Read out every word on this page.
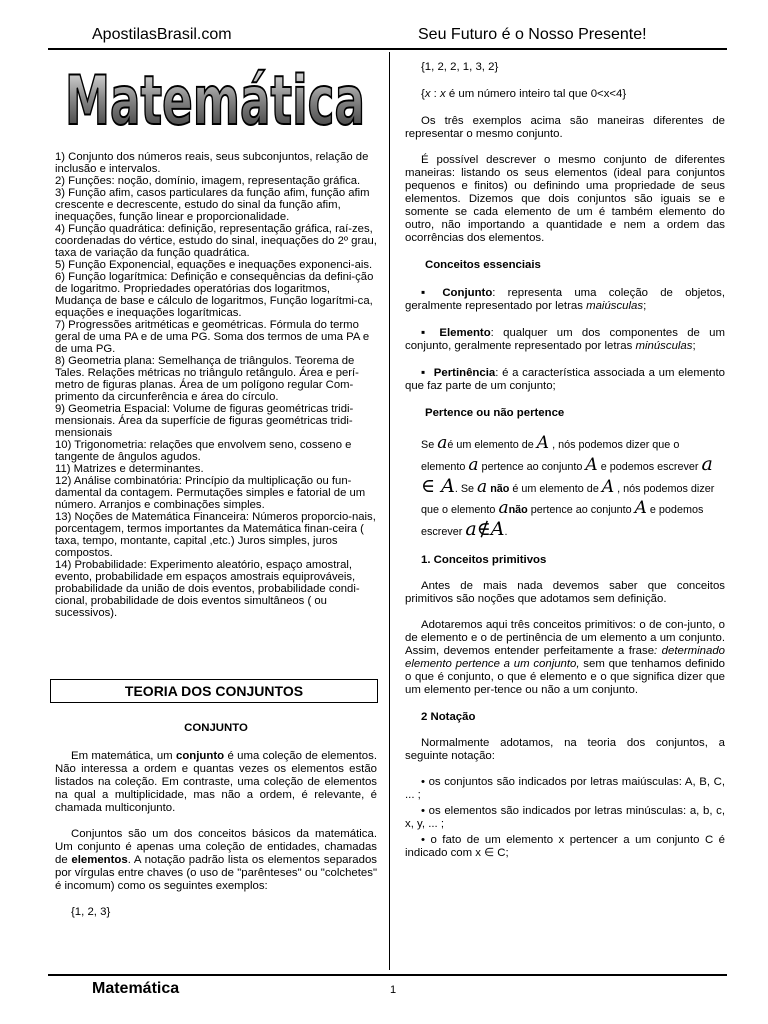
ApostilasBrasil.com	Seu Futuro é o Nosso Presente!
Matemática

1) Conjunto dos números reais, seus subconjuntos, relação de inclusão e intervalos.

2) Funções: noção, domínio, imagem, representação gráfica.

3) Função afim, casos particulares da função afim, função afim crescente e decrescente, estudo do sinal da função afim, inequações, função linear e proporcionalidade.

4) Função quadrática: definição, representação gráfica, raí-zes, coordenadas do vértice, estudo do sinal, inequações do 2º grau, taxa de variação da função quadrática.

5) Função Exponencial, equações e inequações exponenci-ais.

6) Função logarítmica: Definição e consequências da defini-ção de logaritmo. Propriedades operatórias dos logaritmos, Mudança de base e cálculo de logaritmos, Função logarítmi-ca, equações e inequações logarítmicas.

7) Progressões aritméticas e geométricas. Fórmula do termo geral de uma PA e de uma PG. Soma dos termos de uma PA e de uma PG.

8) Geometria plana: Semelhança de triângulos. Teorema de Tales. Relações métricas no triângulo retângulo. Área e perí-metro de figuras planas. Área de um polígono regular Com-primento da circunferência e área do círculo.

9) Geometria Espacial: Volume de figuras geométricas tridi-mensionais. Área da superfície de figuras geométricas tridi-mensionais

10) Trigonometria: relações que envolvem seno, cosseno e tangente de ângulos agudos.

11) Matrizes e determinantes.

12) Análise combinatória: Princípio da multiplicação ou fun-damental da contagem. Permutações simples e fatorial de um número. Arranjos e combinações simples.

13) Noções de Matemática Financeira: Números proporcio-nais, porcentagem, termos importantes da Matemática finan-ceira ( taxa, tempo, montante, capital ,etc.) Juros simples, juros compostos.

14) Probabilidade: Experimento aleatório, espaço amostral, evento, probabilidade em espaços amostrais equiprováveis, probabilidade da união de dois eventos, probabilidade condi-cional, probabilidade de dois eventos simultâneos ( ou sucessivos).

TEORIA DOS CONJUNTOS

CONJUNTO

Em matemática, um conjunto é uma coleção de elementos. Não interessa a ordem e quantas vezes os elementos estão listados na coleção. Em contraste, uma coleção de elementos na qual a multiplicidade, mas não a ordem, é relevante, é chamada multiconjunto.

Conjuntos são um dos conceitos básicos da matemática. Um conjunto é apenas uma coleção de entidades, chamadas de elementos. A notação padrão lista os elementos separados por vírgulas entre chaves (o uso de "parênteses" ou "colchetes" é incomum) como os seguintes exemplos:

{1, 2, 3}

{1, 2, 2, 1, 3, 2}

{x : x é um número inteiro tal que 0<x<4}

Os três exemplos acima são maneiras diferentes de representar o mesmo conjunto.

É possível descrever o mesmo conjunto de diferentes maneiras: listando os seus elementos (ideal para conjuntos pequenos e finitos) ou definindo uma propriedade de seus elementos. Dizemos que dois conjuntos são iguais se e somente se cada elemento de um é também elemento do outro, não importando a quantidade e nem a ordem das ocorrências dos elementos.

Conceitos essenciais

▪ Conjunto: representa uma coleção de objetos, geralmente representado por letras maiúsculas;

▪ Elemento: qualquer um dos componentes de um conjunto, geralmente representado por letras minúsculas;

▪ Pertinência: é a característica associada a um elemento que faz parte de um conjunto;

Pertence ou não pertence

Se aé um elemento de A , nós podemos dizer que o elemento a pertence ao conjunto A e podemos escrever a ∈ A. Se a não é um elemento de A , nós podemos dizer que o elemento anão pertence ao conjunto A e podemos escrever a∉A.

1. Conceitos primitivos

Antes de mais nada devemos saber que conceitos primitivos são noções que adotamos sem definição.

Adotaremos aqui três conceitos primitivos: o de con-junto, o de elemento e o de pertinência de um elemento a um conjunto. Assim, devemos entender perfeitamente a frase: determinado elemento pertence a um conjunto, sem que tenhamos definido o que é conjunto, o que é elemento e o que significa dizer que um elemento per-tence ou não a um conjunto.

2 Notação

Normalmente adotamos, na teoria dos conjuntos, a seguinte notação:

• os conjuntos são indicados por letras maiúsculas: A, B, C, ... ;

• os elementos são indicados por letras minúsculas: a, b, c, x, y, ... ;

• o fato de um elemento x pertencer a um conjunto C é indicado com x ∈ C;

Matemática	1
